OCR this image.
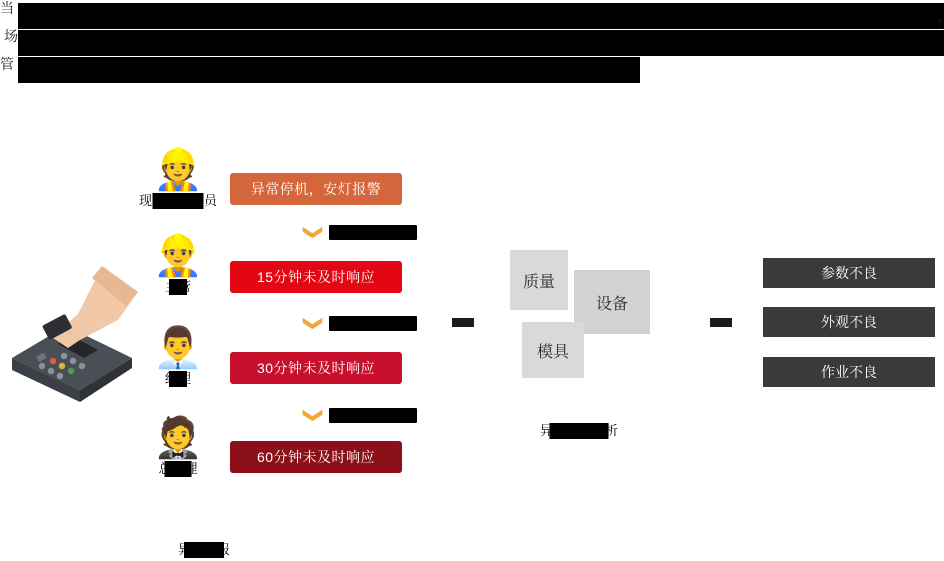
当
场
管
↑
👷
现场作业人员
👷‍♂️
主管
👨‍💼
经理
🤵
总经理
异常停机，安灯报警
15分钟未及时响应
30分钟未及时响应
60分钟未及时响应
❯ 时间未响应升级
❯ 时间未响应升级
❯ 时间未响应升级
异常上报
质量
设备
模具
异常分类分析
参数不良
外观不良
作业不良
